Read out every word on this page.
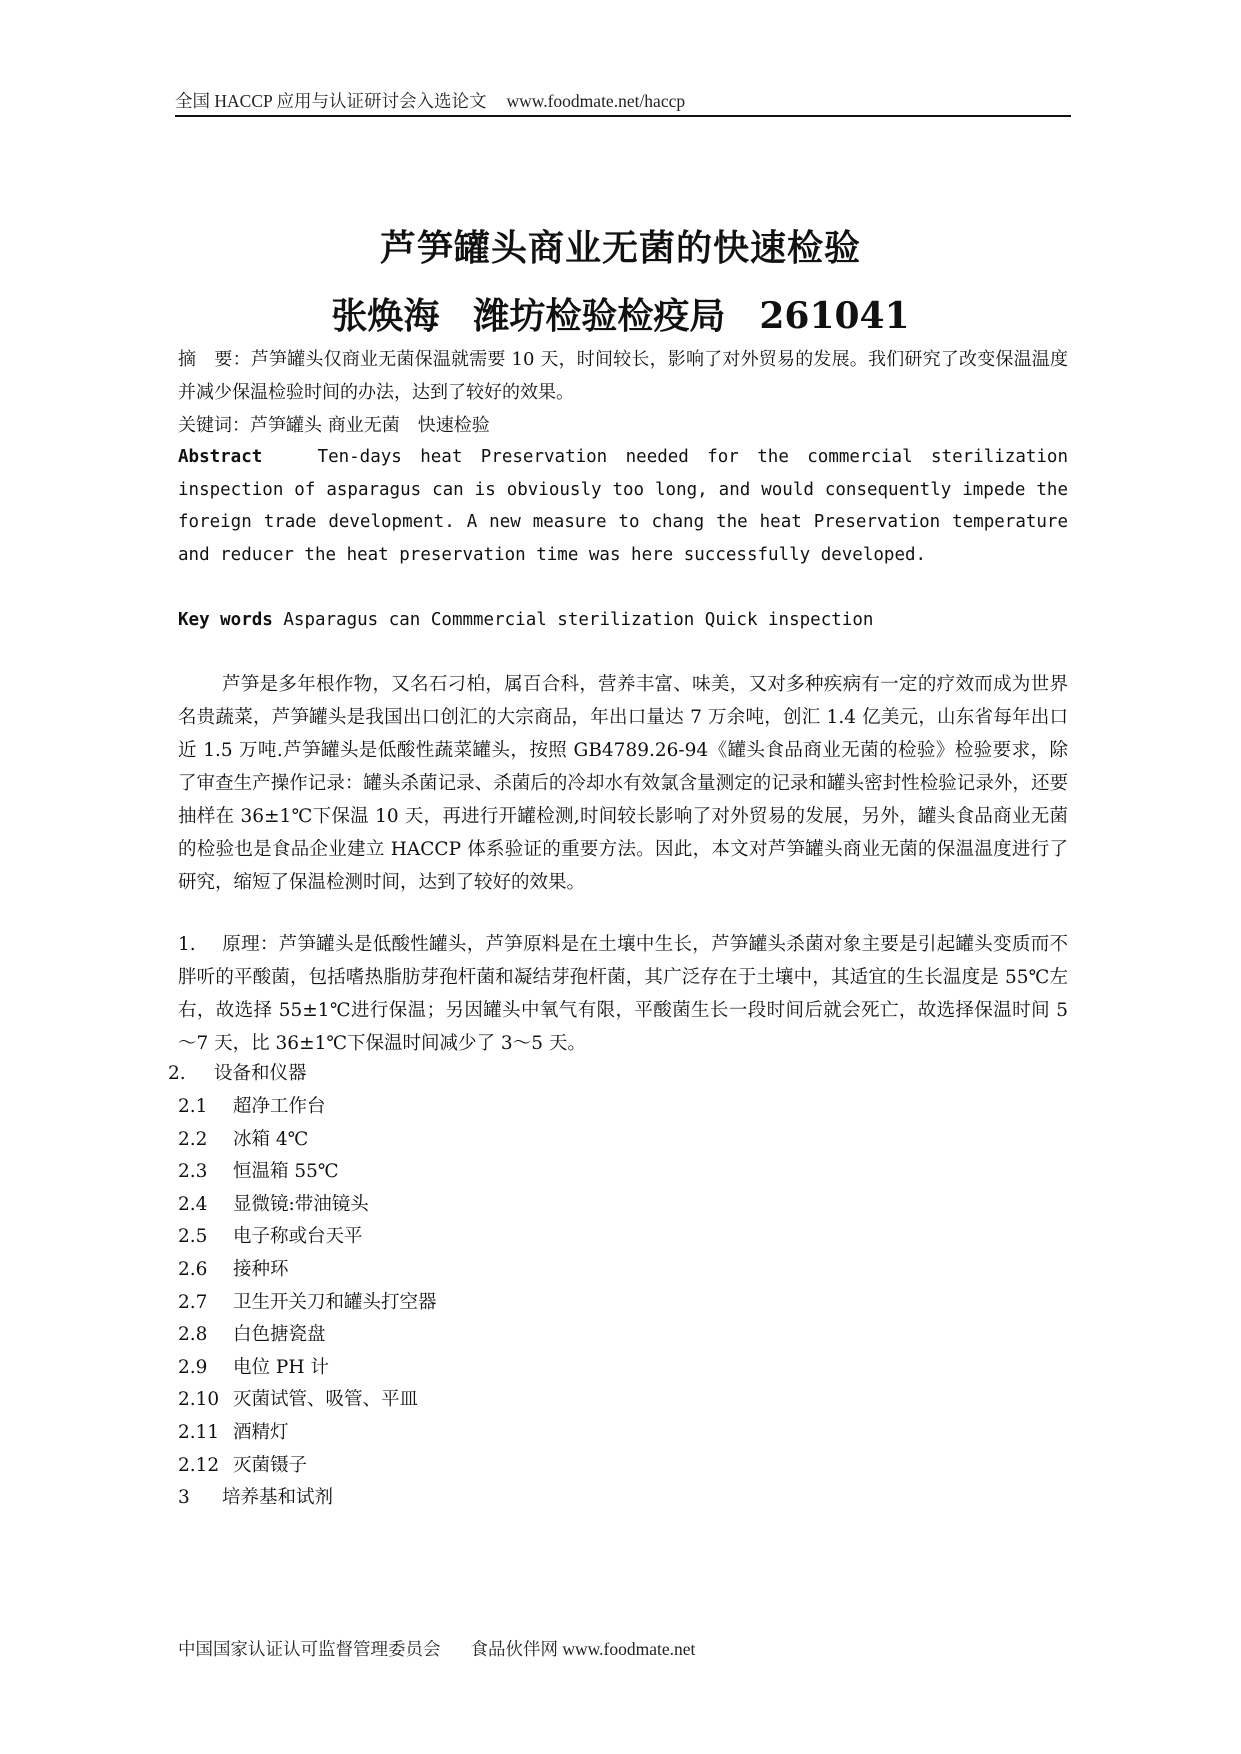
全国 HACCP 应用与认证研讨会入选论文 www.foodmate.net/haccp
芦笋罐头商业无菌的快速检验
张焕海 潍坊检验检疫局 261041
摘　要：芦笋罐头仅商业无菌保温就需要 10 天，时间较长，影响了对外贸易的发展。我们研究了改变保温温度并减少保温检验时间的办法，达到了较好的效果。
关键词：芦笋罐头 商业无菌　快速检验
Abstract	Ten-days heat Preservation needed for the commercial sterilization inspection of asparagus can is obviously too long, and would consequently impede the foreign trade development. A new measure to chang the heat Preservation temperature and reducer the heat preservation time was here successfully developed.
Key words Asparagus can Commmercial sterilization Quick inspection
芦笋是多年根作物，又名石刁柏，属百合科，营养丰富、味美，又对多种疾病有一定的疗效而成为世界名贵蔬菜，芦笋罐头是我国出口创汇的大宗商品，年出口量达 7 万余吨，创汇 1.4 亿美元，山东省每年出口近 1.5 万吨.芦笋罐头是低酸性蔬菜罐头，按照 GB4789.26-94《罐头食品商业无菌的检验》检验要求，除了审查生产操作记录：罐头杀菌记录、杀菌后的冷却水有效氯含量测定的记录和罐头密封性检验记录外，还要抽样在 36±1℃下保温 10 天，再进行开罐检测,时间较长影响了对外贸易的发展，另外，罐头食品商业无菌的检验也是食品企业建立 HACCP 体系验证的重要方法。因此，本文对芦笋罐头商业无菌的保温温度进行了研究，缩短了保温检测时间，达到了较好的效果。
1. 原理：芦笋罐头是低酸性罐头，芦笋原料是在土壤中生长，芦笋罐头杀菌对象主要是引起罐头变质而不胖听的平酸菌，包括嗜热脂肪芽孢杆菌和凝结芽孢杆菌，其广泛存在于土壤中，其适宜的生长温度是 55℃左右，故选择 55±1℃进行保温；另因罐头中氧气有限，平酸菌生长一段时间后就会死亡，故选择保温时间 5～7 天，比 36±1℃下保温时间减少了 3～5 天。
2. 设备和仪器
2.1 超净工作台
2.2 冰箱 4℃
2.3 恒温箱 55℃
2.4 显微镜:带油镜头
2.5 电子称或台天平
2.6 接种环
2.7 卫生开关刀和罐头打空器
2.8 白色搪瓷盘
2.9 电位 PH 计
2.10 灭菌试管、吸管、平皿
2.11 酒精灯
2.12 灭菌镊子
3 培养基和试剂
中国国家认证认可监督管理委员会 食品伙伴网 www.foodmate.net
